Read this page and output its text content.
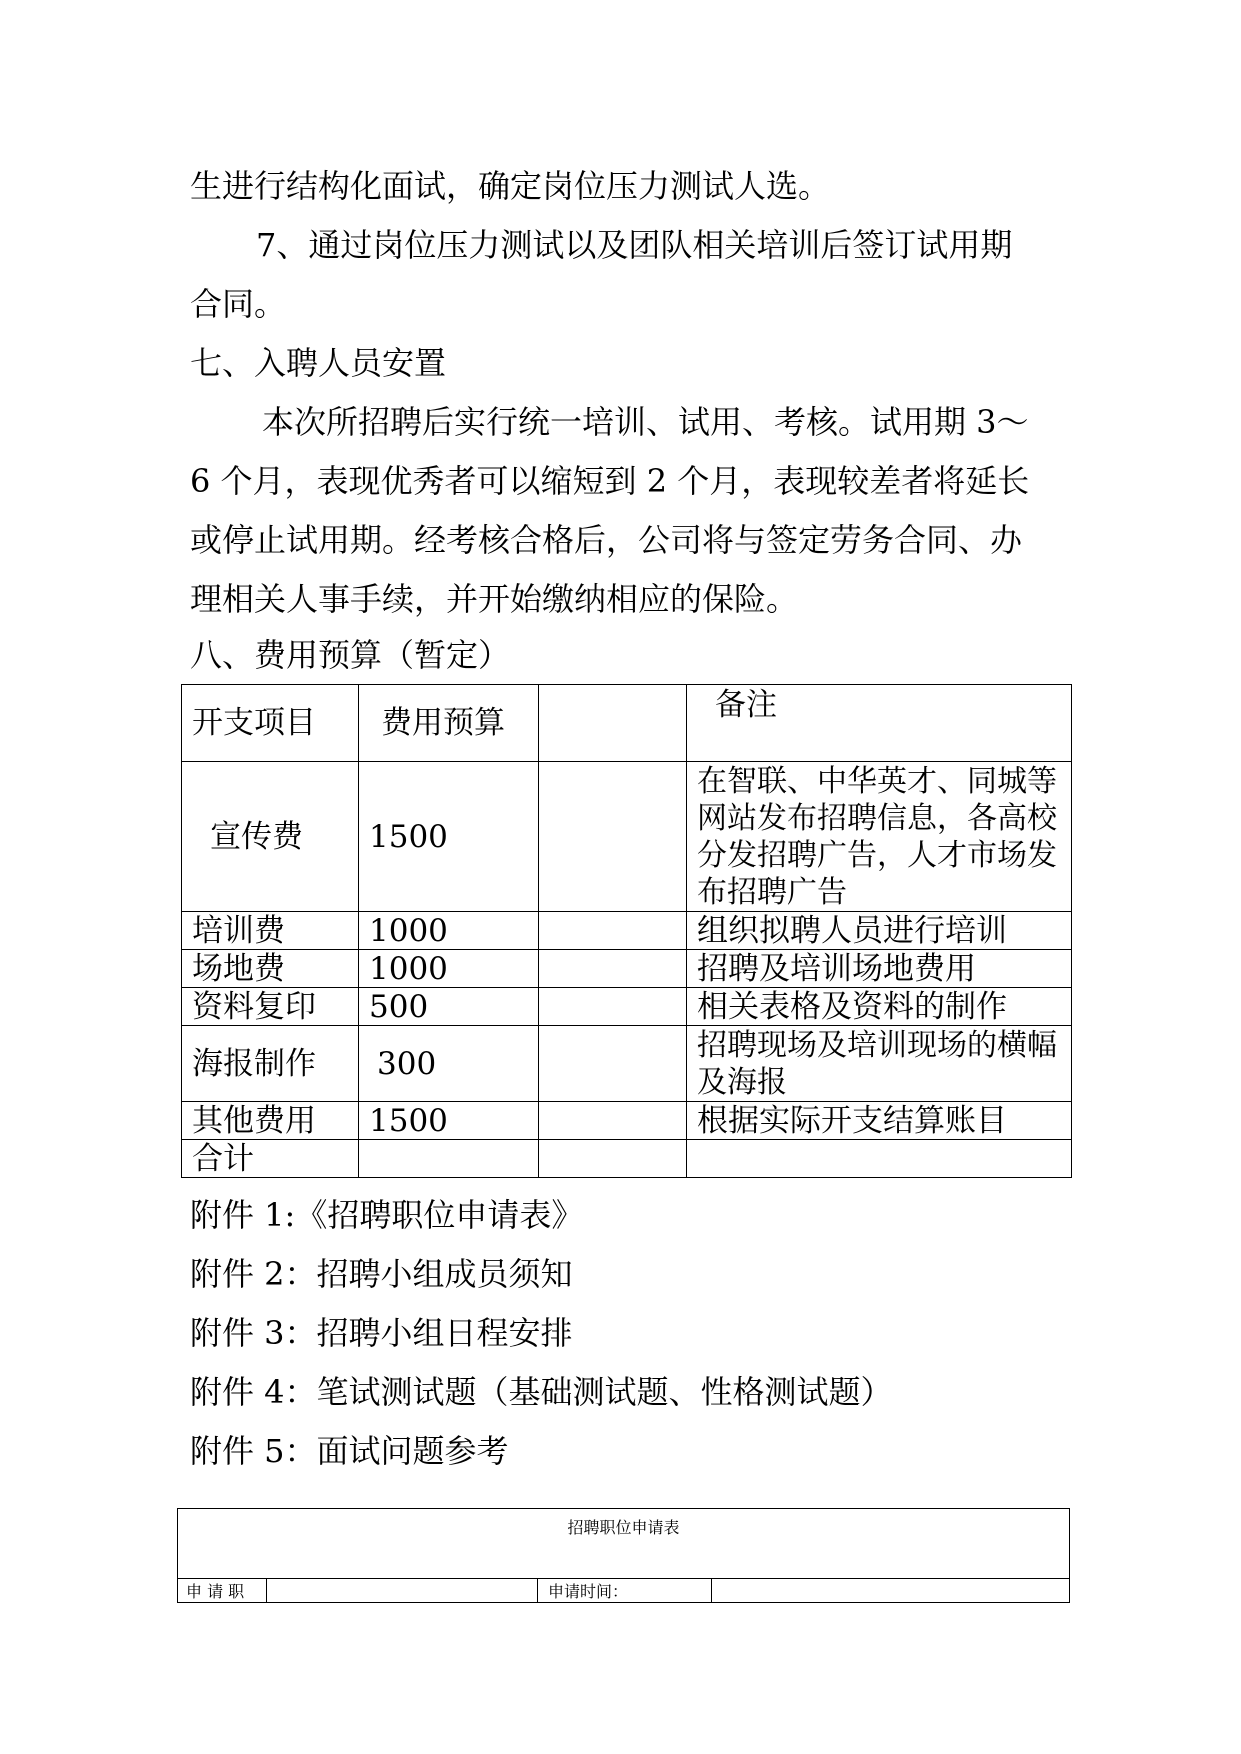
生进行结构化面试，确定岗位压力测试人选。
7、通过岗位压力测试以及团队相关培训后签订试用期
合同。
七、入聘人员安置
本次所招聘后实行统一培训、试用、考核。试用期 3～
6 个月，表现优秀者可以缩短到 2 个月，表现较差者将延长
或停止试用期。经考核合格后，公司将与签定劳务合同、办
理相关人事手续，并开始缴纳相应的保险。
八、费用预算（暂定）
开支项目	费用预算		备注
宣传费	1500		在智联、中华英才、同城等网站发布招聘信息，各高校分发招聘广告，人才市场发布招聘广告
培训费	1000		组织拟聘人员进行培训
场地费	1000		招聘及培训场地费用
资料复印	500		相关表格及资料的制作
海报制作	300		招聘现场及培训现场的横幅及海报
其他费用	1500		根据实际开支结算账目
合计			
附件 1:《招聘职位申请表》
附件 2：招聘小组成员须知
附件 3：招聘小组日程安排
附件 4：笔试测试题（基础测试题、性格测试题）
附件 5：面试问题参考
招聘职位申请表
申 请 职		申请时间：	
